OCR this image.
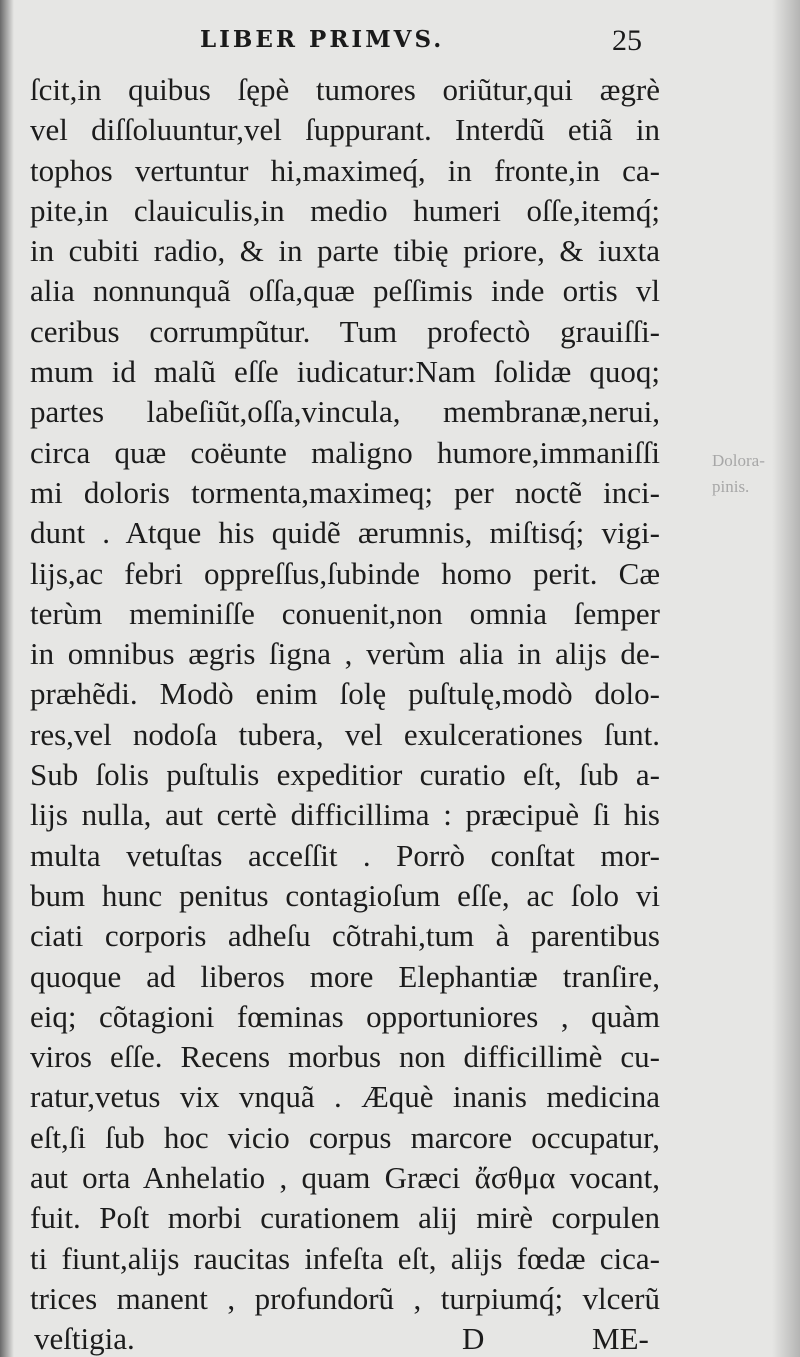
LIBER PRIMVS.	25
ſcit,in quibus ſępè tumores oriũtur,qui ægrè
vel diſſoluuntur,vel ſuppurant. Interdũ etiã in
tophos vertuntur hi,maximeq́, in fronte,in ca-
pite,in clauiculis,in medio humeri oſſe,itemq́;
in cubiti radio, & in parte tibię priore, & iuxta
alia nonnunquã oſſa,quæ peſſimis inde ortis vl
ceribus corrumpũtur. Tum profectò grauiſſi-
mum id malũ eſſe iudicatur:Nam ſolidæ quoq;
partes labeſiũt,oſſa,vincula, membranæ,nerui,
circa quæ coëunte maligno humore,immaniſſi
mi doloris tormenta,maximeq; per noctẽ inci-
dunt . Atque his quidẽ ærumnis, miſtisq́; vigi-
lijs,ac febri oppreſſus,ſubinde homo perit. Cæ
terùm meminiſſe conuenit,non omnia ſemper
in omnibus ægris ſigna , verùm alia in alijs de-
præhẽdi. Modò enim ſolę puſtulę,modò dolo-
res,vel nodoſa tubera, vel exulcerationes ſunt.
Sub ſolis puſtulis expeditior curatio eſt, ſub a-
lijs nulla, aut certè difficillima : præcipuè ſi his
multa vetuſtas acceſſit . Porrò conſtat mor-
bum hunc penitus contagioſum eſſe, ac ſolo vi
ciati corporis adheſu cõtrahi,tum à parentibus
quoque ad liberos more Elephantiæ tranſire,
eiq; cõtagioni fœminas opportuniores , quàm
viros eſſe. Recens morbus non difficillimè cu-
ratur,vetus vix vnquã . Æquè inanis medicina
eſt,ſi ſub hoc vicio corpus marcore occupatur,
aut orta Anhelatio , quam Græci ἄσθμα vocant,
fuit. Poſt morbi curationem alij mirè corpulen
ti fiunt,alijs raucitas infeſta eſt, alijs fœdæ cica-
trices manent , profundorũ , turpiumq́; vlcerũ
veſtigia.	D	ME-
Dolora-
pinis.
